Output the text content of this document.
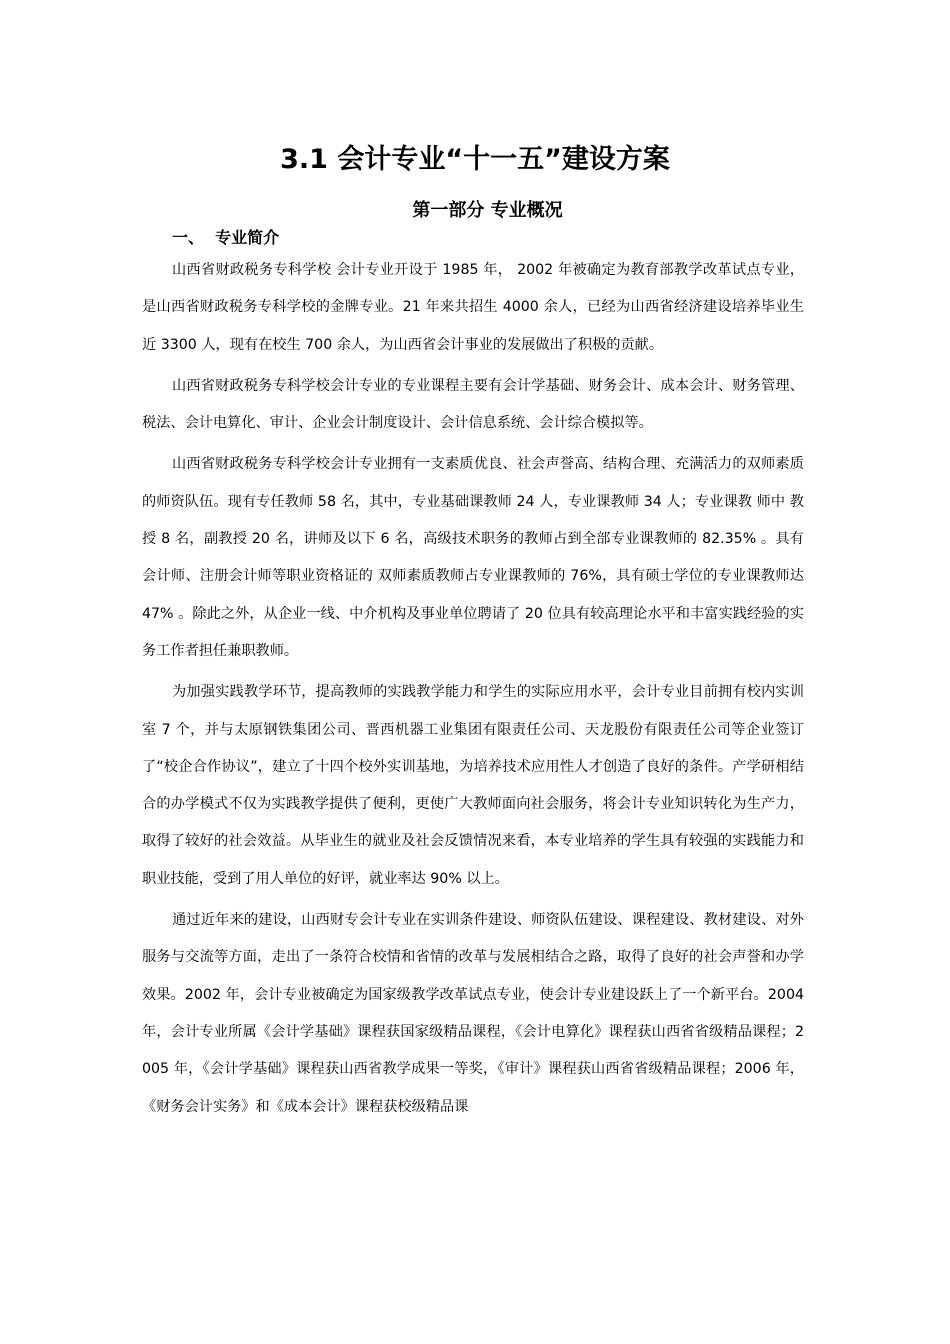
3.1 会计专业“十一五”建设方案
第一部分 专业概况
一、  专业简介

山西省财政税务专科学校 会计专业开设于 1985 年， 2002 年被确定为教育部教学改革试点专业，是山西省财政税务专科学校的金牌专业。21 年来共招生 4000 余人，已经为山西省经济建设培养毕业生近 3300 人，现有在校生 700 余人，为山西省会计事业的发展做出了积极的贡献。

山西省财政税务专科学校会计专业的专业课程主要有会计学基础、财务会计、成本会计、财务管理、税法、会计电算化、审计、企业会计制度设计、会计信息系统、会计综合模拟等。

山西省财政税务专科学校会计专业拥有一支素质优良、社会声誉高、结构合理、充满活力的双师素质的师资队伍。现有专任教师 58 名，其中，专业基础课教师 24 人，专业课教师 34 人；专业课教 师中 教授 8 名，副教授 20 名，讲师及以下 6 名，高级技术职务的教师占到全部专业课教师的 82.35% 。具有会计师、注册会计师等职业资格证的 双师素质教师占专业课教师的 76%，具有硕士学位的专业课教师达 47% 。除此之外，从企业一线、中介机构及事业单位聘请了 20 位具有较高理论水平和丰富实践经验的实务工作者担任兼职教师。

为加强实践教学环节，提高教师的实践教学能力和学生的实际应用水平，会计专业目前拥有校内实训室 7 个，并与太原钢铁集团公司、晋西机器工业集团有限责任公司、天龙股份有限责任公司等企业签订了“校企合作协议”，建立了十四个校外实训基地，为培养技术应用性人才创造了良好的条件。产学研相结合的办学模式不仅为实践教学提供了便利，更使广大教师面向社会服务，将会计专业知识转化为生产力，取得了较好的社会效益。从毕业生的就业及社会反馈情况来看，本专业培养的学生具有较强的实践能力和职业技能，受到了用人单位的好评，就业率达 90% 以上。

通过近年来的建设，山西财专会计专业在实训条件建设、师资队伍建设、课程建设、教材建设、对外服务与交流等方面，走出了一条符合校情和省情的改革与发展相结合之路，取得了良好的社会声誉和办学效果。2002 年，会计专业被确定为国家级教学改革试点专业，使会计专业建设跃上了一个新平台。2004 年，会计专业所属《会计学基础》课程获国家级精品课程，《会计电算化》课程获山西省省级精品课程；2005 年，《会计学基础》课程获山西省教学成果一等奖，《审计》课程获山西省省级精品课程；2006 年，《财务会计实务》和《成本会计》课程获校级精品课
